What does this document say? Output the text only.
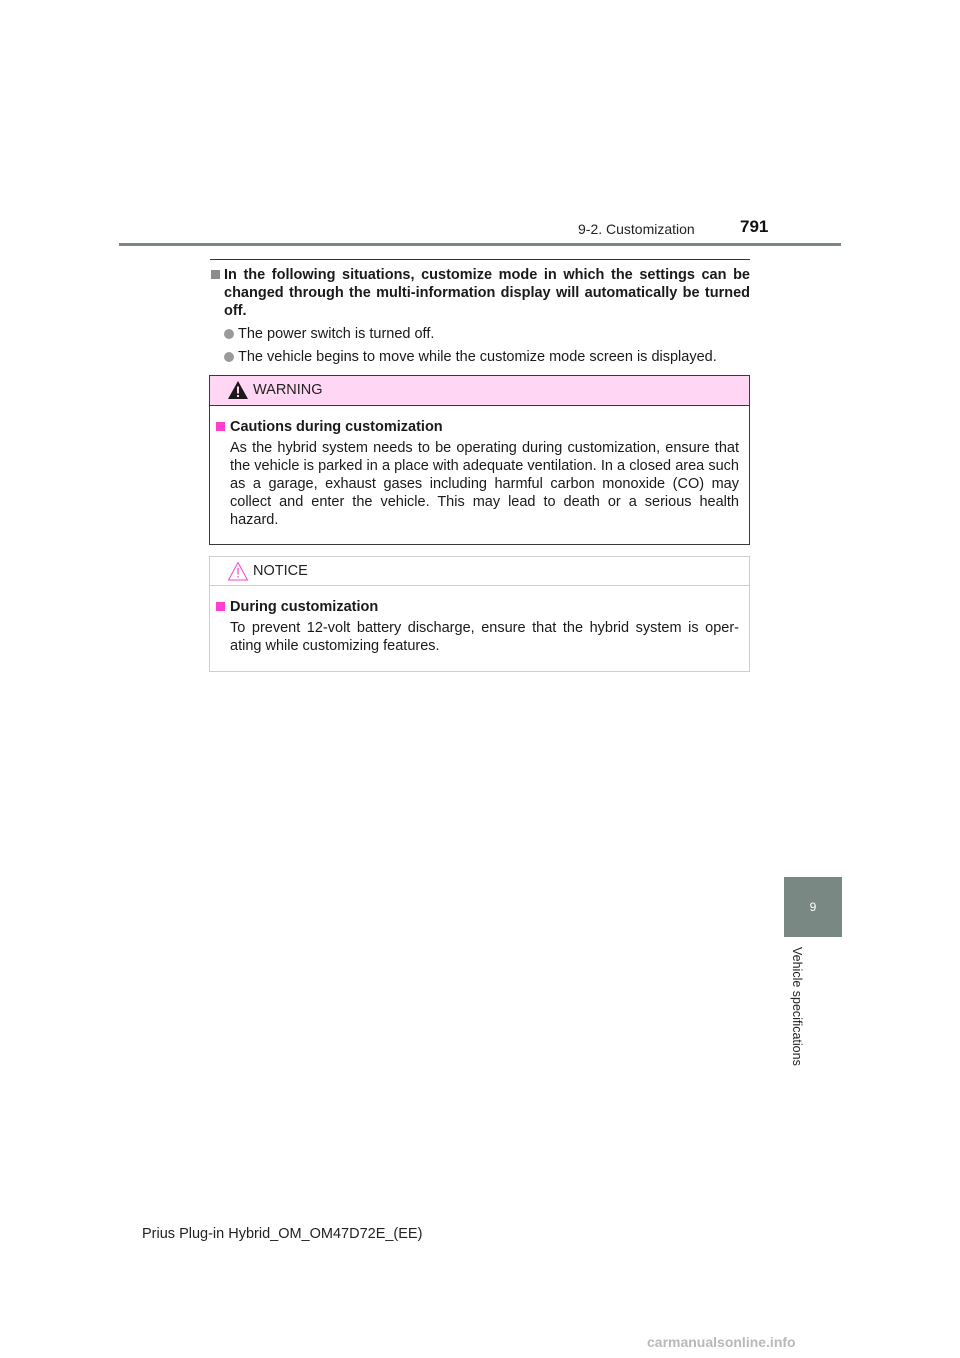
9-2. Customization	791
In the following situations, customize mode in which the settings can be changed through the multi-information display will automatically be turned off.
The power switch is turned off.
The vehicle begins to move while the customize mode screen is displayed.
WARNING
Cautions during customization
As the hybrid system needs to be operating during customization, ensure that the vehicle is parked in a place with adequate ventilation. In a closed area such as a garage, exhaust gases including harmful carbon monoxide (CO) may collect and enter the vehicle. This may lead to death or a serious health hazard.
NOTICE
During customization
To prevent 12-volt battery discharge, ensure that the hybrid system is oper-ating while customizing features.
9
Vehicle specifications
Prius Plug-in Hybrid_OM_OM47D72E_(EE)
carmanualsonline.info
